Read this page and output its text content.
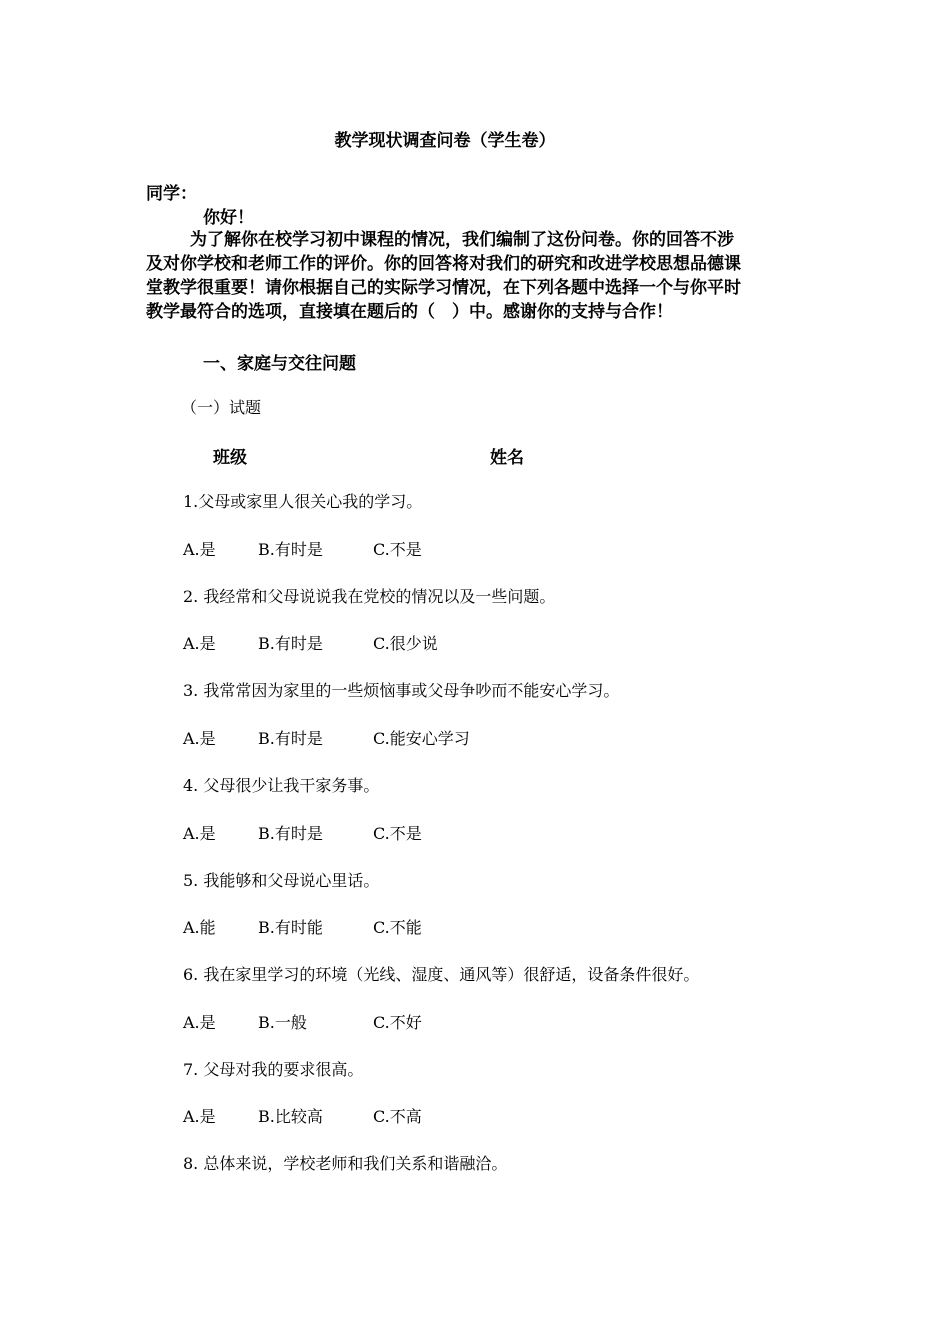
教学现状调查问卷（学生卷）
同学：
你好！
为了解你在校学习初中课程的情况，我们编制了这份问卷。你的回答不涉
及对你学校和老师工作的评价。你的回答将对我们的研究和改进学校思想品德课
堂教学很重要！请你根据自己的实际学习情况，在下列各题中选择一个与你平时
教学最符合的选项，直接填在题后的（　）中。感谢你的支持与合作！
一、家庭与交往问题
（一）试题
班级	姓名
1.父母或家里人很关心我的学习。
A.是	B.有时是	C.不是
2. 我经常和父母说说我在党校的情况以及一些问题。
A.是	B.有时是	C.很少说
3. 我常常因为家里的一些烦恼事或父母争吵而不能安心学习。
A.是	B.有时是	C.能安心学习
4. 父母很少让我干家务事。
A.是	B.有时是	C.不是
5. 我能够和父母说心里话。
A.能	B.有时能	C.不能
6. 我在家里学习的环境（光线、湿度、通风等）很舒适，设备条件很好。
A.是	B.一般	C.不好
7. 父母对我的要求很高。
A.是	B.比较高	C.不高
8. 总体来说，学校老师和我们关系和谐融洽。
